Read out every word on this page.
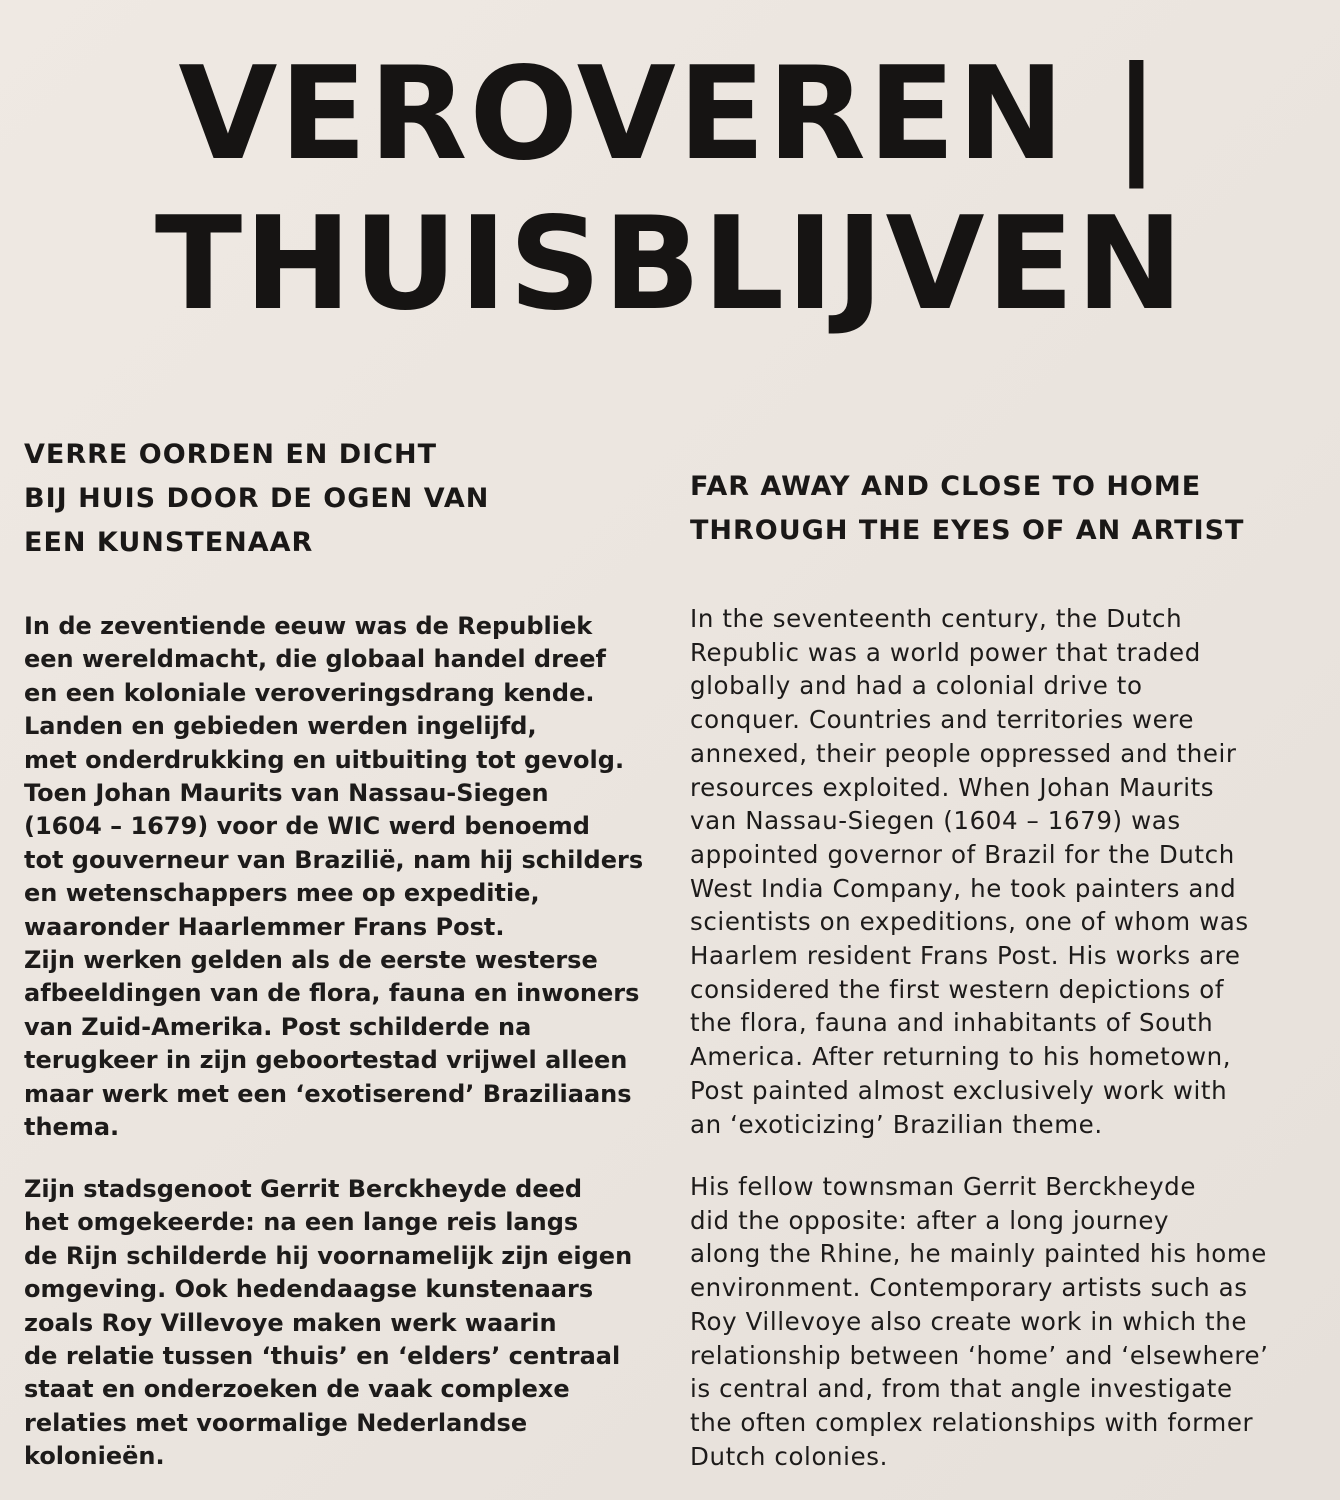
VEROVEREN |
THUISBLIJVEN
VERRE OORDEN EN DICHT
BIJ HUIS DOOR DE OGEN VAN
EEN KUNSTENAAR

In de zeventiende eeuw was de Republiek
een wereldmacht, die globaal handel dreef
en een koloniale veroveringsdrang kende.
Landen en gebieden werden ingelijfd,
met onderdrukking en uitbuiting tot gevolg.
Toen Johan Maurits van Nassau-Siegen
(1604 – 1679) voor de WIC werd benoemd
tot gouverneur van Brazilië, nam hij schilders
en wetenschappers mee op expeditie,
waaronder Haarlemmer Frans Post.
Zijn werken gelden als de eerste westerse
afbeeldingen van de flora, fauna en inwoners
van Zuid-Amerika. Post schilderde na
terugkeer in zijn geboortestad vrijwel alleen
maar werk met een ‘exotiserend’ Braziliaans
thema.

Zijn stadsgenoot Gerrit Berckheyde deed
het omgekeerde: na een lange reis langs
de Rijn schilderde hij voornamelijk zijn eigen
omgeving. Ook hedendaagse kunstenaars
zoals Roy Villevoye maken werk waarin
de relatie tussen ‘thuis’ en ‘elders’ centraal
staat en onderzoeken de vaak complexe
relaties met voormalige Nederlandse
kolonieën.

FAR AWAY AND CLOSE TO HOME
THROUGH THE EYES OF AN ARTIST

In the seventeenth century, the Dutch
Republic was a world power that traded
globally and had a colonial drive to
conquer. Countries and territories were
annexed, their people oppressed and their
resources exploited. When Johan Maurits
van Nassau-Siegen (1604 – 1679) was
appointed governor of Brazil for the Dutch
West India Company, he took painters and
scientists on expeditions, one of whom was
Haarlem resident Frans Post. His works are
considered the first western depictions of
the flora, fauna and inhabitants of South
America. After returning to his hometown,
Post painted almost exclusively work with
an ‘exoticizing’ Brazilian theme.

His fellow townsman Gerrit Berckheyde
did the opposite: after a long journey
along the Rhine, he mainly painted his home
environment. Contemporary artists such as
Roy Villevoye also create work in which the
relationship between ‘home’ and ‘elsewhere’
is central and, from that angle investigate
the often complex relationships with former
Dutch colonies.
